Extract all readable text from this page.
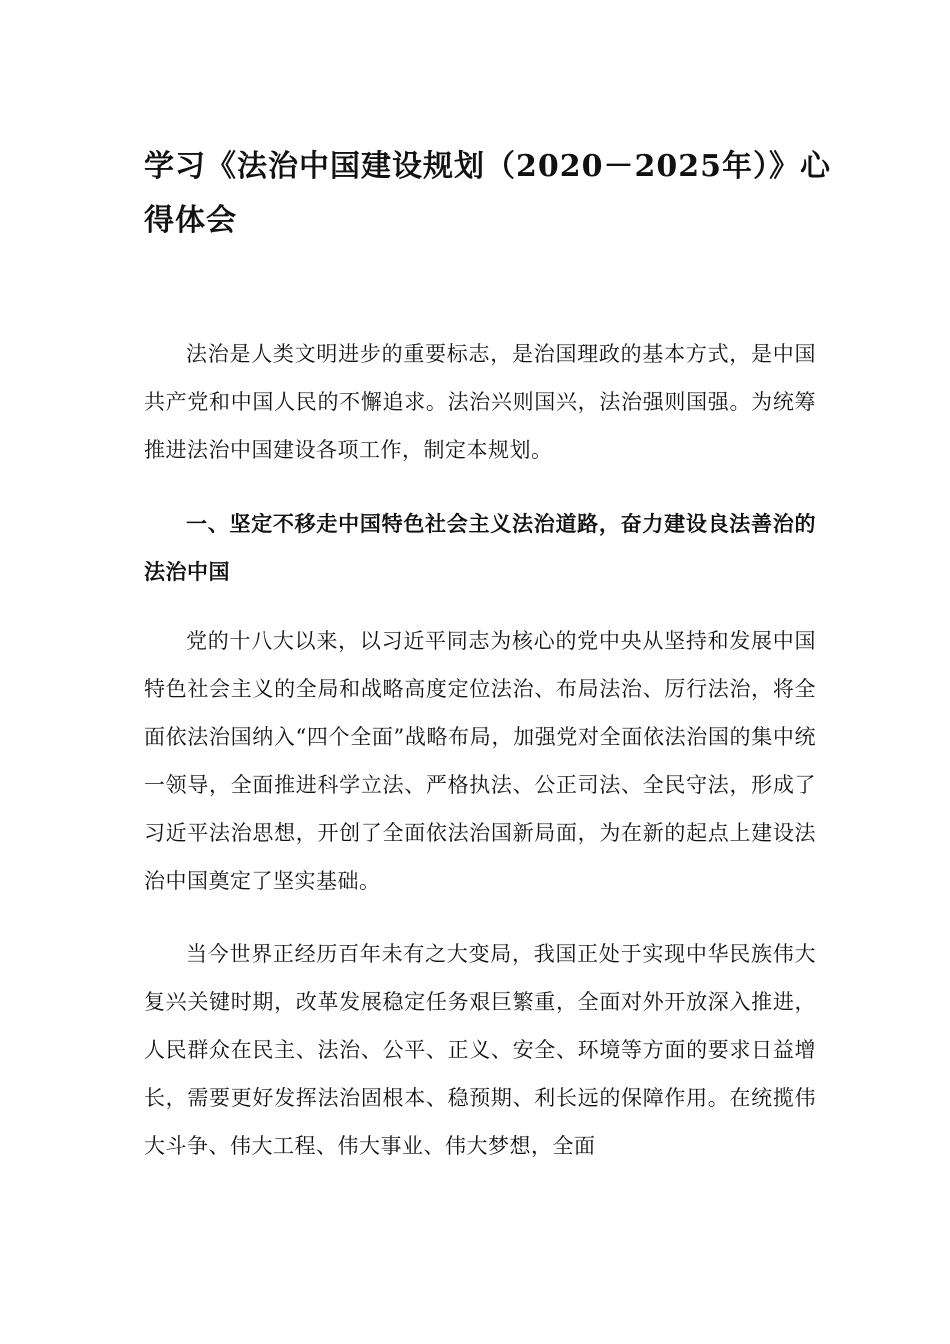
学习《法治中国建设规划（2020－2025年）》心得体会

法治是人类文明进步的重要标志，是治国理政的基本方式，是中国共产党和中国人民的不懈追求。法治兴则国兴，法治强则国强。为统筹推进法治中国建设各项工作，制定本规划。

一、坚定不移走中国特色社会主义法治道路，奋力建设良法善治的法治中国

党的十八大以来，以习近平同志为核心的党中央从坚持和发展中国特色社会主义的全局和战略高度定位法治、布局法治、厉行法治，将全面依法治国纳入“四个全面”战略布局，加强党对全面依法治国的集中统一领导，全面推进科学立法、严格执法、公正司法、全民守法，形成了习近平法治思想，开创了全面依法治国新局面，为在新的起点上建设法治中国奠定了坚实基础。

当今世界正经历百年未有之大变局，我国正处于实现中华民族伟大复兴关键时期，改革发展稳定任务艰巨繁重，全面对外开放深入推进，人民群众在民主、法治、公平、正义、安全、环境等方面的要求日益增长，需要更好发挥法治固根本、稳预期、利长远的保障作用。在统揽伟大斗争、伟大工程、伟大事业、伟大梦想，全面
